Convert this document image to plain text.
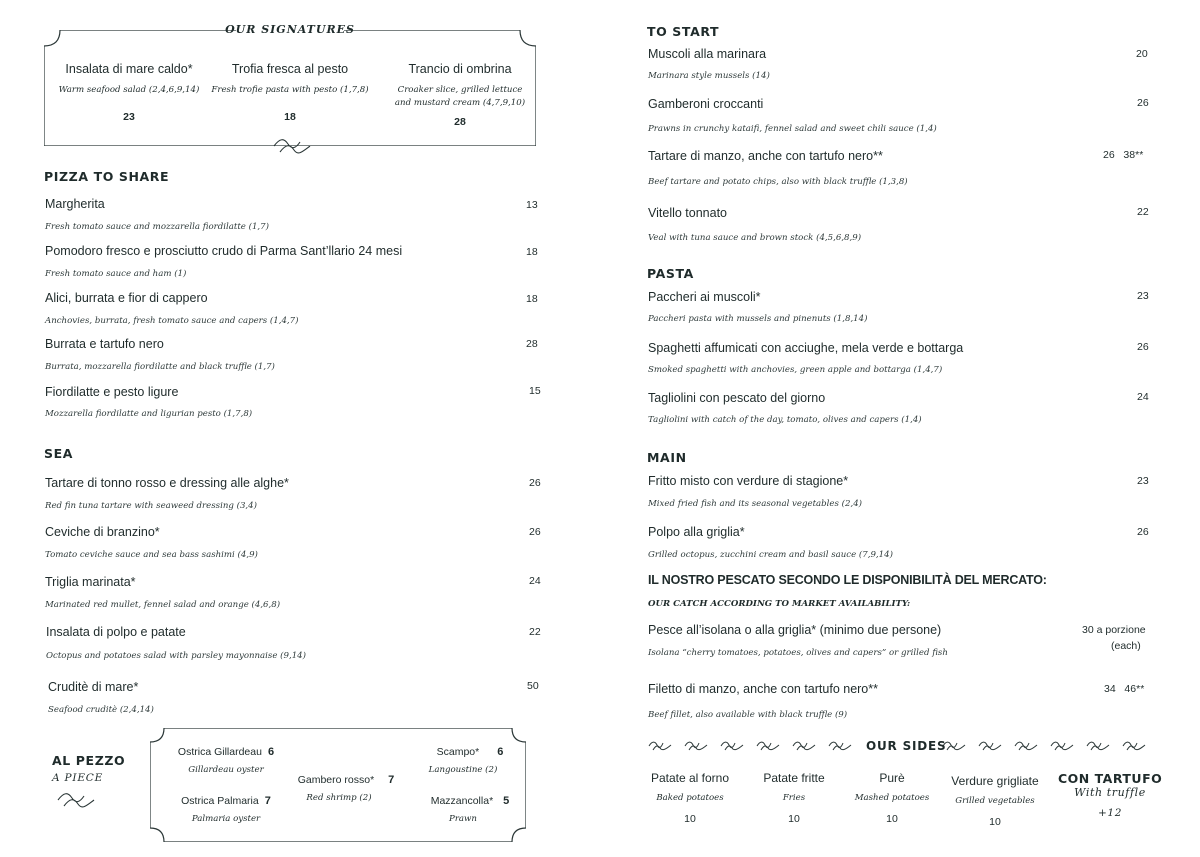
OUR SIGNATURES
Insalata di mare caldo*
Warm seafood salad (2,4,6,9,14)
23
Trofia fresca al pesto
Fresh trofie pasta with pesto (1,7,8)
18
Trancio di ombrina
Croaker slice, grilled lettuce
and mustard cream (4,7,9,10)
28
PIZZA TO SHARE
Margherita	13
Fresh tomato sauce and mozzarella fiordilatte (1,7)
Pomodoro fresco e prosciutto crudo di Parma Sant’llario 24 mesi	18
Fresh tomato sauce and ham (1)
Alici, burrata e fior di cappero	18
Anchovies, burrata, fresh tomato sauce and capers (1,4,7)
Burrata e tartufo nero	28
Burrata, mozzarella fiordilatte and black truffle (1,7)
Fiordilatte e pesto ligure	15
Mozzarella fiordilatte and ligurian pesto (1,7,8)
SEA
Tartare di tonno rosso e dressing alle alghe*	26
Red fin tuna tartare with seaweed dressing (3,4)
Ceviche di branzino*	26
Tomato ceviche sauce and sea bass sashimi (4,9)
Triglia marinata*	24
Marinated red mullet, fennel salad and orange (4,6,8)
Insalata di polpo e patate	22
Octopus and potatoes salad with parsley mayonnaise (9,14)
Cruditè di mare*	50
Seafood cruditè (2,4,14)
AL PEZZO
A PIECE
Ostrica Gillardeau 6
Gillardeau oyster
Ostrica Palmaria 7
Palmaria oyster
Gambero rosso* 7
Red shrimp (2)
Scampo* 6
Langoustine (2)
Mazzancolla* 5
Prawn
TO START
Muscoli alla marinara	20
Marinara style mussels (14)
Gamberoni croccanti	26
Prawns in crunchy kataifi, fennel salad and sweet chili sauce (1,4)
Tartare di manzo, anche con tartufo nero**	26   38**
Beef tartare and potato chips, also with black truffle (1,3,8)
Vitello tonnato	22
Veal with tuna sauce and brown stock (4,5,6,8,9)
PASTA
Paccheri ai muscoli*	23
Paccheri pasta with mussels and pinenuts (1,8,14)
Spaghetti affumicati con acciughe, mela verde e bottarga	26
Smoked spaghetti with anchovies, green apple and bottarga (1,4,7)
Tagliolini con pescato del giorno	24
Tagliolini with catch of the day, tomato, olives and capers (1,4)
MAIN
Fritto misto con verdure di stagione*	23
Mixed fried fish and its seasonal vegetables (2,4)
Polpo alla griglia*	26
Grilled octopus, zucchini cream and basil sauce (7,9,14)
IL NOSTRO PESCATO SECONDO LE DISPONIBILITÀ DEL MERCATO:
OUR CATCH ACCORDING TO MARKET AVAILABILITY:
Pesce all’isolana o alla griglia* (minimo due persone)	30 a porzione
(each)
Isolana “cherry tomatoes, potatoes, olives and capers” or grilled fish
Filetto di manzo, anche con tartufo nero**	34   46**
Beef fillet, also available with black truffle (9)
OUR SIDES
Patate al forno
Baked potatoes
10
Patate fritte
Fries
10
Purè
Mashed potatoes
10
Verdure grigliate
Grilled vegetables
10
CON TARTUFO
With truffle
+12
